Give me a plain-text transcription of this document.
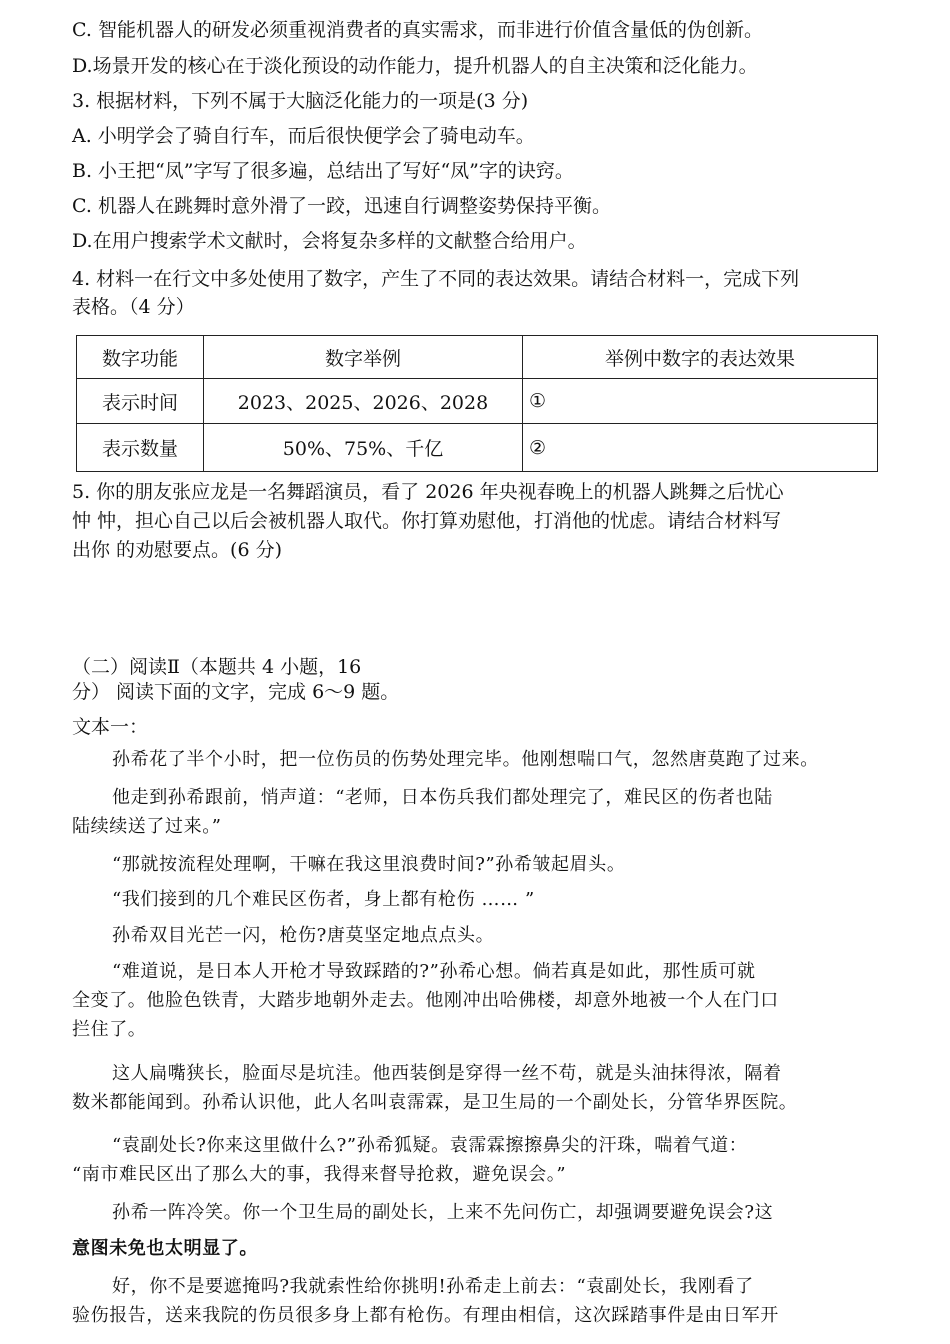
C. 智能机器人的研发必须重视消费者的真实需求，而非进行价值含量低的伪创新。
D.场景开发的核心在于淡化预设的动作能力，提升机器人的自主决策和泛化能力。
3. 根据材料，下列不属于大脑泛化能力的一项是(3 分)
A. 小明学会了骑自行车，而后很快便学会了骑电动车。
B. 小王把“凤”字写了很多遍，总结出了写好“凤”字的诀窍。
C. 机器人在跳舞时意外滑了一跤，迅速自行调整姿势保持平衡。
D.在用户搜索学术文献时，会将复杂多样的文献整合给用户。
4. 材料一在行文中多处使用了数字，产生了不同的表达效果。请结合材料一，完成下列
表格。（4 分）
数字功能	数字举例	举例中数字的表达效果
表示时间	2023、2025、2026、2028	①
表示数量	50%、75%、千亿	②
5. 你的朋友张应龙是一名舞蹈演员，看了 2026 年央视春晚上的机器人跳舞之后忧心
忡 忡，担心自己以后会被机器人取代。你打算劝慰他，打消他的忧虑。请结合材料写
出你 的劝慰要点。(6 分)
（二）阅读Ⅱ（本题共 4 小题，16
分） 阅读下面的文字，完成 6～9 题。
文本一：
孙希花了半个小时，把一位伤员的伤势处理完毕。他刚想喘口气，忽然唐莫跑了过来。
他走到孙希跟前，悄声道：“老师，日本伤兵我们都处理完了，难民区的伤者也陆
陆续续送了过来。”
“那就按流程处理啊，干嘛在我这里浪费时间?”孙希皱起眉头。
“我们接到的几个难民区伤者，身上都有枪伤 …… ”
孙希双目光芒一闪，枪伤?唐莫坚定地点点头。
“难道说，是日本人开枪才导致踩踏的?”孙希心想。倘若真是如此，那性质可就
全变了。他脸色铁青，大踏步地朝外走去。他刚冲出哈佛楼，却意外地被一个人在门口
拦住了。
这人扁嘴狭长，脸面尽是坑洼。他西装倒是穿得一丝不苟，就是头油抹得浓，隔着
数米都能闻到。孙希认识他，此人名叫袁霈霖，是卫生局的一个副处长，分管华界医院。
“袁副处长?你来这里做什么?”孙希狐疑。袁霈霖擦擦鼻尖的汗珠，喘着气道：
“南市难民区出了那么大的事，我得来督导抢救，避免误会。”
孙希一阵冷笑。你一个卫生局的副处长，上来不先问伤亡，却强调要避免误会?这
意图未免也太明显了。
好，你不是要遮掩吗?我就索性给你挑明!孙希走上前去：“袁副处长，我刚看了
验伤报告，送来我院的伤员很多身上都有枪伤。有理由相信，这次踩踏事件是由日军开
